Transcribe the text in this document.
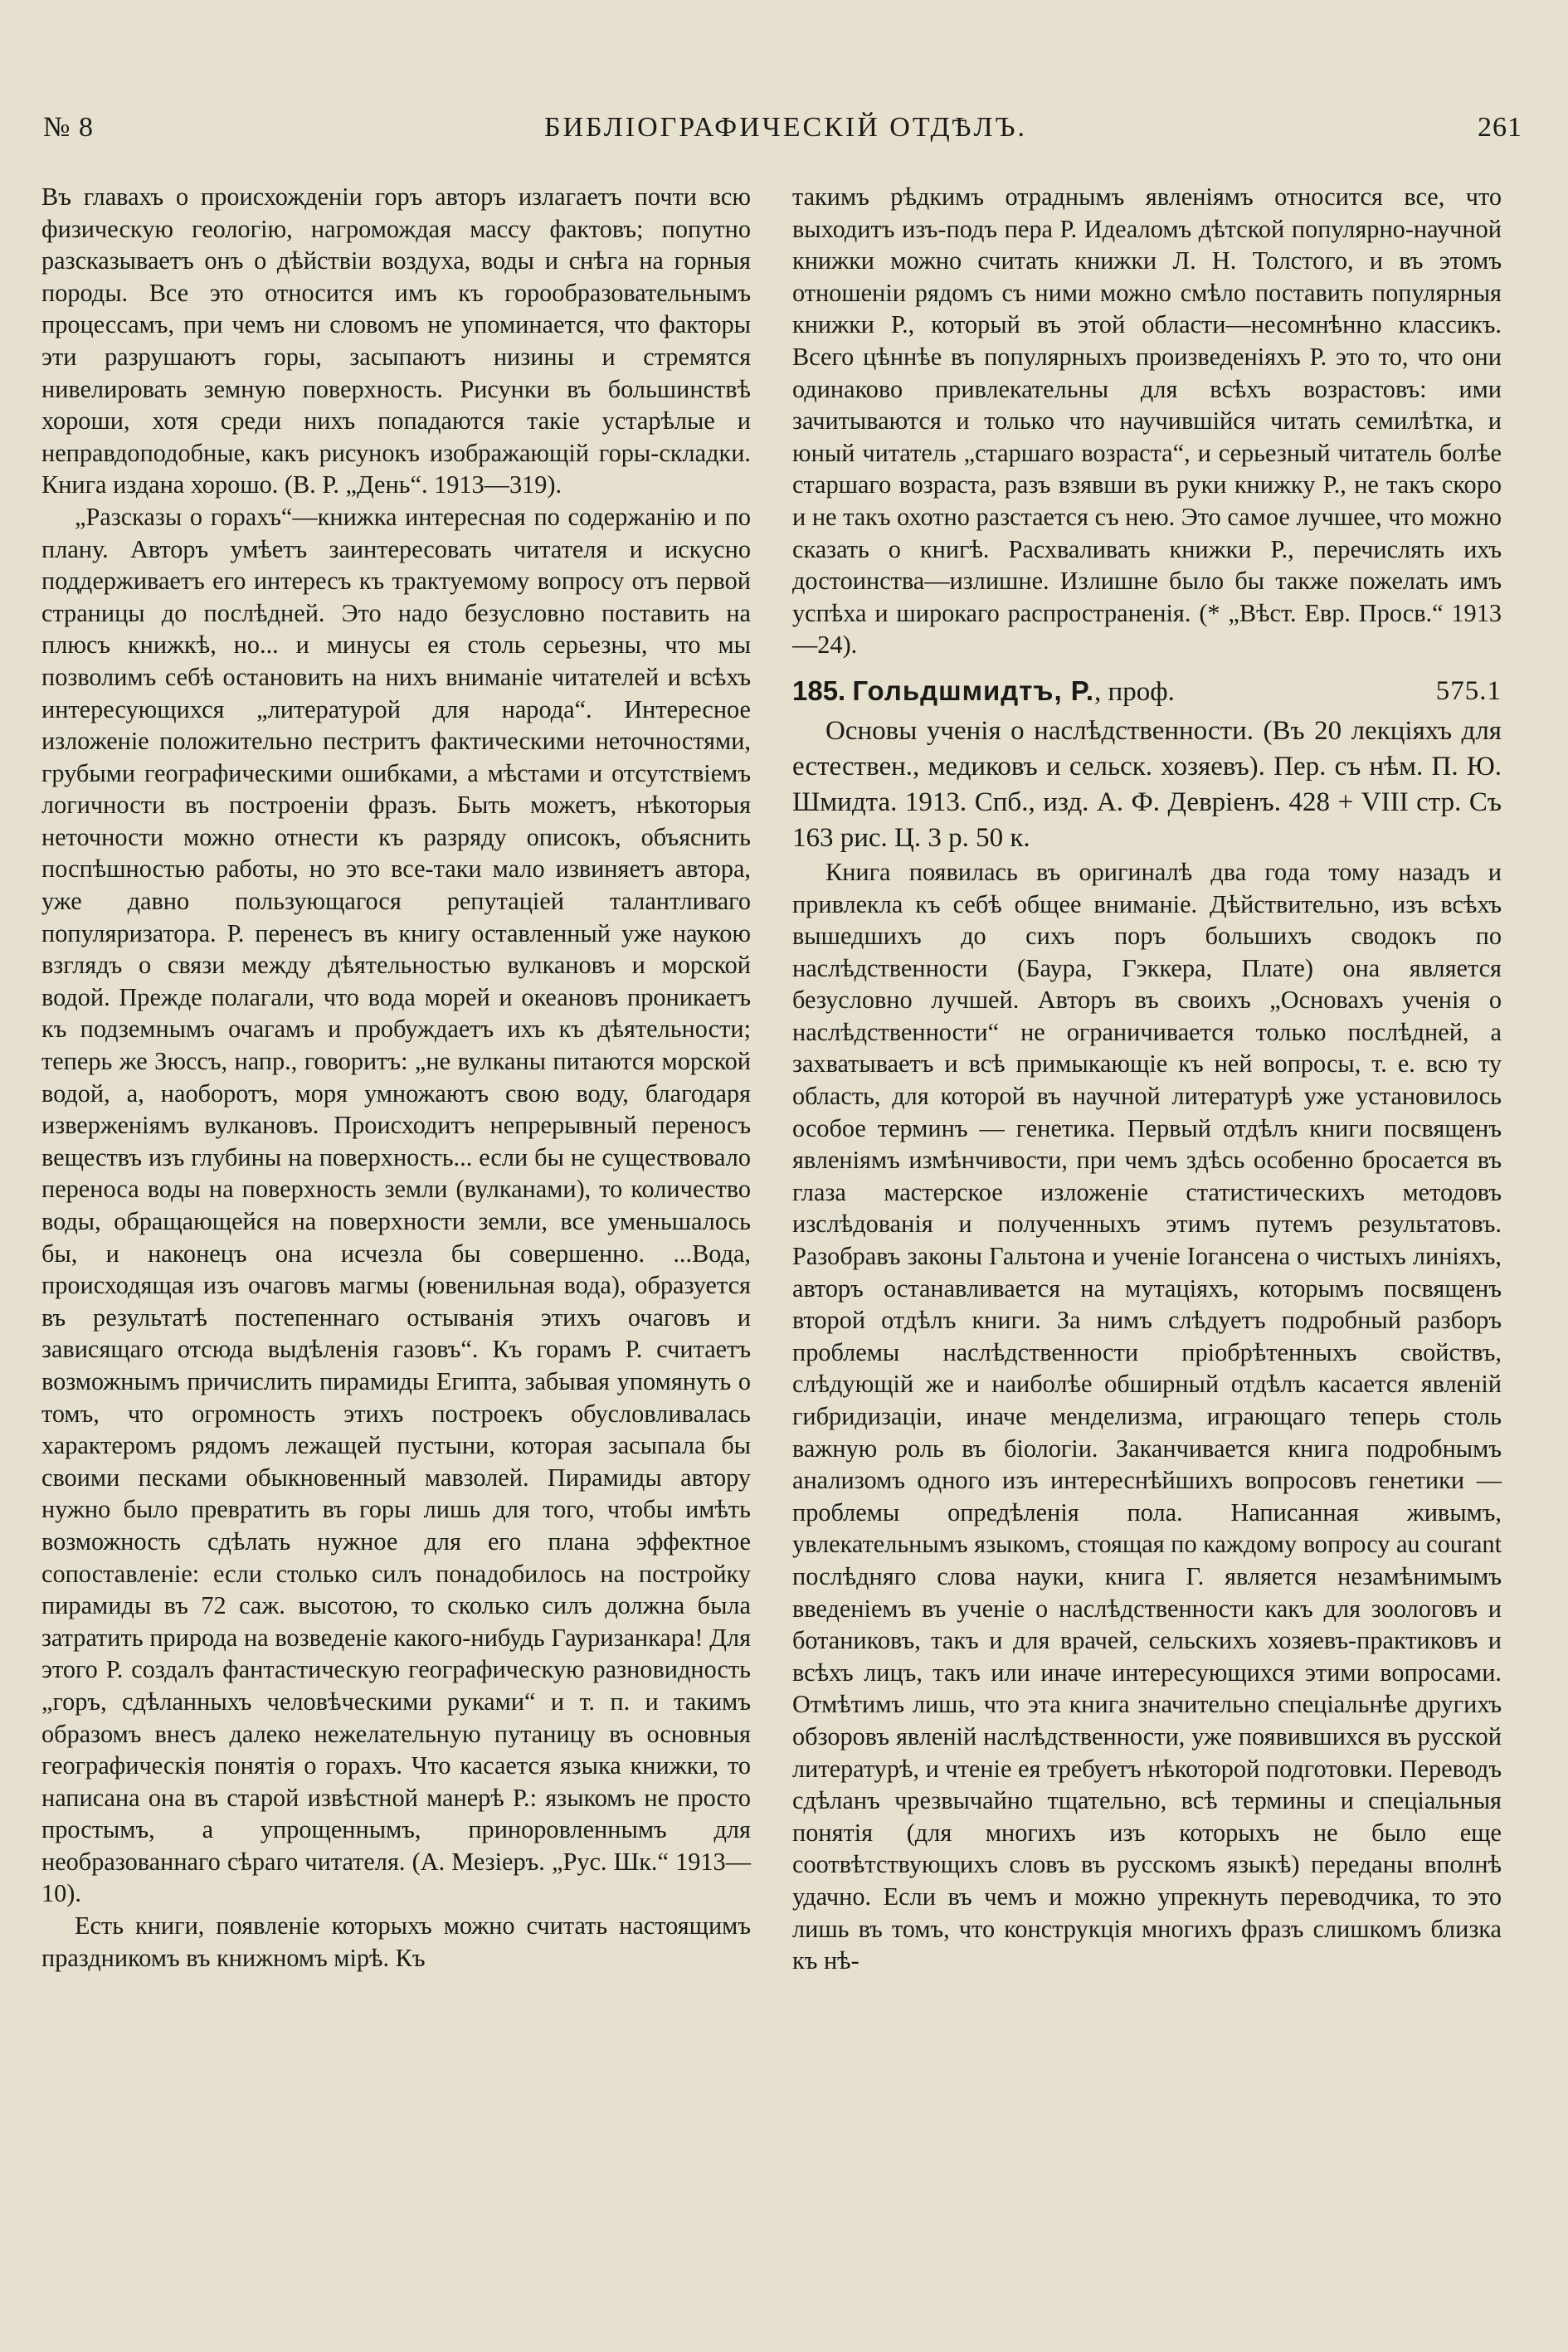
№ 8	БИБЛIОГРАФИЧЕСКIЙ ОТДѢЛЪ.	261

Въ главахъ о происхожденiи горъ авторъ излагаетъ почти всю физическую геологiю, нагромождая массу фактовъ; попутно разсказываетъ онъ о дѣйствiи воздуха, воды и снѣга на горныя породы. Все это относится имъ къ горообразовательнымъ процессамъ, при чемъ ни словомъ не упоминается, что факторы эти разрушаютъ горы, засыпаютъ низины и стремятся нивелировать земную поверхность. Рисунки въ большинствѣ хороши, хотя среди нихъ попадаются такiе устарѣлые и неправдоподобные, какъ рисунокъ изображающiй горы-складки. Книга издана хорошо. (В. Р. „День“. 1913—319).

„Разсказы о горахъ“—книжка интересная по содержанiю и по плану. Авторъ умѣетъ заинтересовать читателя и искусно поддерживаетъ его интересъ къ трактуемому вопросу отъ первой страницы до послѣдней. Это надо безусловно поставить на плюсъ книжкѣ, но... и минусы ея столь серьезны, что мы позволимъ себѣ остановить на нихъ вниманiе читателей и всѣхъ интересующихся „литературой для народа“. Интересное изложенiе положительно пестритъ фактическими неточностями, грубыми географическими ошибками, а мѣстами и отсутствiемъ логичности въ построенiи фразъ. Быть можетъ, нѣкоторыя неточности можно отнести къ разряду описокъ, объяснить поспѣшностью работы, но это все-таки мало извиняетъ автора, уже давно пользующагося репутацiей талантливаго популяризатора. Р. перенесъ въ книгу оставленный уже наукою взглядъ о связи между дѣятельностью вулкановъ и морской водой. Прежде полагали, что вода морей и океановъ проникаетъ къ подземнымъ очагамъ и пробуждаетъ ихъ къ дѣятельности; теперь же Зюссъ, напр., говоритъ: „не вулканы питаются морской водой, а, наоборотъ, моря умножаютъ свою воду, благодаря изверженiямъ вулкановъ. Происходитъ непрерывный переносъ веществъ изъ глубины на поверхность... если бы не существовало переноса воды на поверхность земли (вулканами), то количество воды, обращающейся на поверхности земли, все уменьшалось бы, и наконецъ она исчезла бы совершенно. ...Вода, происходящая изъ очаговъ магмы (ювенильная вода), образуется въ результатѣ постепеннаго остыванiя этихъ очаговъ и зависящаго отсюда выдѣленiя газовъ“. Къ горамъ Р. считаетъ возможнымъ причислить пирамиды Египта, забывая упомянуть о томъ, что огромность этихъ построекъ обусловливалась характеромъ рядомъ лежащей пустыни, которая засыпала бы своими песками обыкновенный мавзолей. Пирамиды автору нужно было превратить въ горы лишь для того, чтобы имѣть возможность сдѣлать нужное для его плана эффектное сопоставленiе: если столько силъ понадобилось на постройку пирамиды въ 72 саж. высотою, то сколько силъ должна была затратить природа на возведенiе какого-нибудь Гауризанкара! Для этого Р. создалъ фантастическую географическую разновидность „горъ, сдѣланныхъ человѣческими руками“ и т. п. и такимъ образомъ внесъ далеко нежелательную путаницу въ основныя географическiя понятiя о горахъ. Что касается языка книжки, то написана она въ старой извѣстной манерѣ Р.: языкомъ не просто простымъ, а упрощеннымъ, приноровленнымъ для необразованнаго сѣраго читателя. (А. Мезiеръ. „Рус. Шк.“ 1913—10).

Есть книги, появленiе которыхъ можно считать настоящимъ праздникомъ въ книжномъ мiрѣ. Къ

такимъ рѣдкимъ отраднымъ явленiямъ относится все, что выходитъ изъ-подъ пера Р. Идеаломъ дѣтской популярно-научной книжки можно считать книжки Л. Н. Толстого, и въ этомъ отношенiи рядомъ съ ними можно смѣло поставить популярныя книжки Р., который въ этой области—несомнѣнно классикъ. Всего цѣннѣе въ популярныхъ произведенiяхъ Р. это то, что они одинаково привлекательны для всѣхъ возрастовъ: ими зачитываются и только что научившiйся читать семилѣтка, и юный читатель „старшаго возраста“, и серьезный читатель болѣе старшаго возраста, разъ взявши въ руки книжку Р., не такъ скоро и не такъ охотно разстается съ нею. Это самое лучшее, что можно сказать о книгѣ. Расхваливать книжки Р., перечислять ихъ достоинства—излишне. Излишне было бы также пожелать имъ успѣха и широкаго распространенiя. (* „Вѣст. Евр. Просв.“ 1913—24).

185. Гольдшмидтъ, Р., проф.	575.1

Основы ученiя о наслѣдственности. (Въ 20 лекцiяхъ для естествен., медиковъ и сельск. хозяевъ). Пер. съ нѣм. П. Ю. Шмидта. 1913. Спб., изд. А. Ф. Деврiенъ. 428 + VIII стр. Съ 163 рис. Ц. 3 р. 50 к.

Книга появилась въ оригиналѣ два года тому назадъ и привлекла къ себѣ общее вниманiе. Дѣйствительно, изъ всѣхъ вышедшихъ до сихъ поръ большихъ сводокъ по наслѣдственности (Баура, Гэккера, Плате) она является безусловно лучшей. Авторъ въ своихъ „Основахъ ученiя о наслѣдственности“ не ограничивается только послѣдней, а захватываетъ и всѣ примыкающiе къ ней вопросы, т. е. всю ту область, для которой въ научной литературѣ уже установилось особое терминъ — генетика. Первый отдѣлъ книги посвященъ явленiямъ измѣнчивости, при чемъ здѣсь особенно бросается въ глаза мастерское изложенiе статистическихъ методовъ изслѣдованiя и полученныхъ этимъ путемъ результатовъ. Разобравъ законы Гальтона и ученiе Iогансена о чистыхъ линiяхъ, авторъ останавливается на мутацiяхъ, которымъ посвященъ второй отдѣлъ книги. За нимъ слѣдуетъ подробный разборъ проблемы наслѣдственности прiобрѣтенныхъ свойствъ, слѣдующiй же и наиболѣе обширный отдѣлъ касается явленiй гибридизацiи, иначе менделизма, играющаго теперь столь важную роль въ бiологiи. Заканчивается книга подробнымъ анализомъ одного изъ интереснѣйшихъ вопросовъ генетики — проблемы опредѣленiя пола. Написанная живымъ, увлекательнымъ языкомъ, стоящая по каждому вопросу au courant послѣдняго слова науки, книга Г. является незамѣнимымъ введенiемъ въ ученiе о наслѣдственности какъ для зоологовъ и ботаниковъ, такъ и для врачей, сельскихъ хозяевъ-практиковъ и всѣхъ лицъ, такъ или иначе интересующихся этими вопросами. Отмѣтимъ лишь, что эта книга значительно спецiальнѣе другихъ обзоровъ явленiй наслѣдственности, уже появившихся въ русской литературѣ, и чтенiе ея требуетъ нѣкоторой подготовки. Переводъ сдѣланъ чрезвычайно тщательно, всѣ термины и спецiальныя понятiя (для многихъ изъ которыхъ не было еще соотвѣтствующихъ словъ въ русскомъ языкѣ) переданы вполнѣ удачно. Если въ чемъ и можно упрекнуть переводчика, то это лишь въ томъ, что конструкцiя многихъ фразъ слишкомъ близка къ нѣ-
